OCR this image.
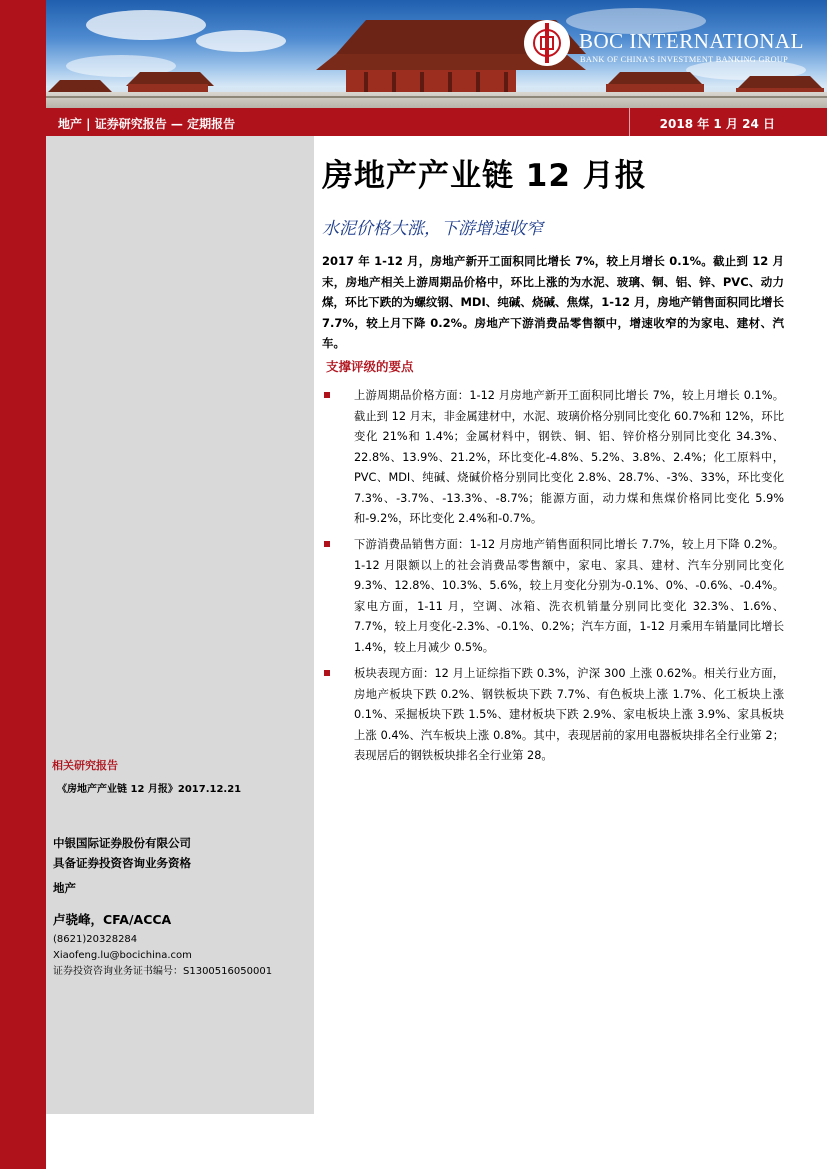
BOC INTERNATIONAL
BANK OF CHINA'S INVESTMENT BANKING GROUP
地产 | 证券研究报告 — 定期报告	2018 年 1 月 24 日
相关研究报告
《房地产产业链 12 月报》2017.12.21
中银国际证券股份有限公司
具备证券投资咨询业务资格
地产
卢骁峰，CFA/ACCA
(8621)20328284
Xiaofeng.lu@bocichina.com
证券投资咨询业务证书编号：S1300516050001
房地产产业链 12 月报
水泥价格大涨，下游增速收窄
2017 年 1-12 月，房地产新开工面积同比增长 7%，较上月增长 0.1%。截止到 12 月末，房地产相关上游周期品价格中，环比上涨的为水泥、玻璃、铜、铝、锌、PVC、动力煤，环比下跌的为螺纹钢、MDI、纯碱、烧碱、焦煤，1-12 月，房地产销售面积同比增长 7.7%，较上月下降 0.2%。房地产下游消费品零售额中，增速收窄的为家电、建材、汽车。
支撑评级的要点
上游周期品价格方面：1-12 月房地产新开工面积同比增长 7%，较上月增长 0.1%。截止到 12 月末，非金属建材中，水泥、玻璃价格分别同比变化 60.7%和 12%，环比变化 21%和 1.4%；金属材料中，钢铁、铜、铝、锌价格分别同比变化 34.3%、22.8%、13.9%、21.2%，环比变化-4.8%、5.2%、3.8%、2.4%；化工原料中，PVC、MDI、纯碱、烧碱价格分别同比变化 2.8%、28.7%、-3%、33%，环比变化 7.3%、-3.7%、-13.3%、-8.7%；能源方面，动力煤和焦煤价格同比变化 5.9%和-9.2%，环比变化 2.4%和-0.7%。
下游消费品销售方面：1-12 月房地产销售面积同比增长 7.7%，较上月下降 0.2%。1-12 月限额以上的社会消费品零售额中，家电、家具、建材、汽车分别同比变化 9.3%、12.8%、10.3%、5.6%，较上月变化分别为-0.1%、0%、-0.6%、-0.4%。家电方面，1-11 月，空调、冰箱、洗衣机销量分别同比变化 32.3%、1.6%、7.7%，较上月变化-2.3%、-0.1%、0.2%；汽车方面，1-12 月乘用车销量同比增长 1.4%，较上月减少 0.5%。
板块表现方面：12 月上证综指下跌 0.3%，沪深 300 上涨 0.62%。相关行业方面，房地产板块下跌 0.2%、钢铁板块下跌 7.7%、有色板块上涨 1.7%、化工板块上涨 0.1%、采掘板块下跌 1.5%、建材板块下跌 2.9%、家电板块上涨 3.9%、家具板块上涨 0.4%、汽车板块上涨 0.8%。其中，表现居前的家用电器板块排名全行业第 2；表现居后的钢铁板块排名全行业第 28。
